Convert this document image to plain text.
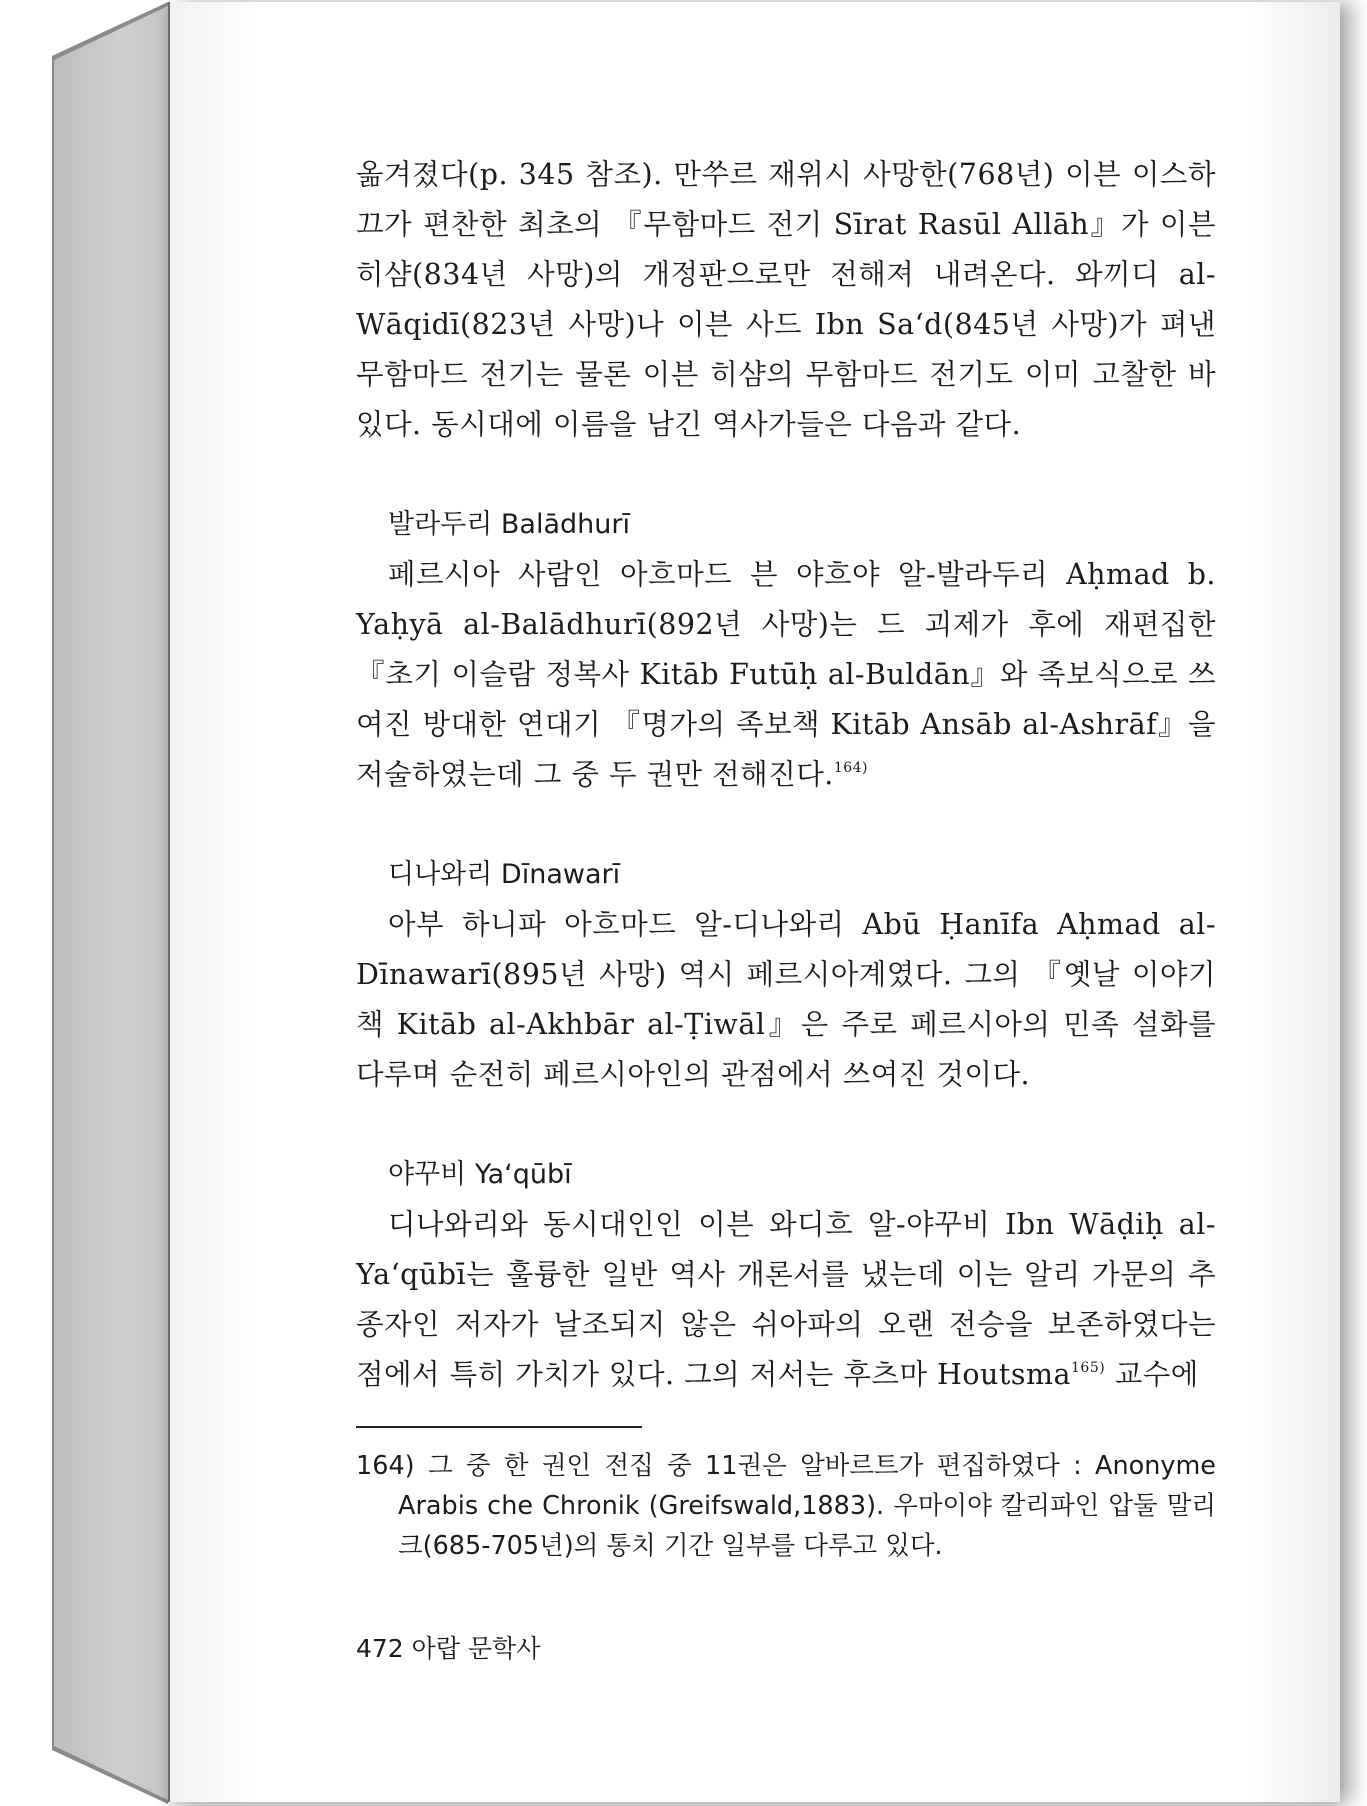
옮겨졌다(p. 345 참조). 만쑤르 재위시 사망한(768년) 이븐 이스하끄가 편찬한 최초의 『무함마드 전기 Sīrat Rasūl Allāh』가 이븐 히샴(834년 사망)의 개정판으로만 전해져 내려온다. 와끼디 al-Wāqidī(823년 사망)나 이븐 사드 Ibn Sa‘d(845년 사망)가 펴낸 무함마드 전기는 물론 이븐 히샴의 무함마드 전기도 이미 고찰한 바 있다. 동시대에 이름을 남긴 역사가들은 다음과 같다.

발라두리 Balādhurī

페르시아 사람인 아흐마드 븐 야흐야 알-발라두리 Aḥmad b. Yaḥyā al-Balādhurī(892년 사망)는 드 괴제가 후에 재편집한 『초기 이슬람 정복사 Kitāb Futūḥ al-Buldān』와 족보식으로 쓰여진 방대한 연대기 『명가의 족보책 Kitāb Ansāb al-Ashrāf』을 저술하였는데 그 중 두 권만 전해진다.$^{164)}$

디나와리 Dīnawarī

아부 하니파 아흐마드 알-디나와리 Abū Ḥanīfa Aḥmad al-Dīnawarī(895년 사망) 역시 페르시아계였다. 그의 『옛날 이야기 책 Kitāb al-Akhbār al-Ṭiwāl』은 주로 페르시아의 민족 설화를 다루며 순전히 페르시아인의 관점에서 쓰여진 것이다.

야꾸비 Ya‘qūbī

디나와리와 동시대인인 이븐 와디흐 알-야꾸비 Ibn Wāḍiḥ al-Ya‘qūbī는 훌륭한 일반 역사 개론서를 냈는데 이는 알리 가문의 추종자인 저자가 날조되지 않은 쉬아파의 오랜 전승을 보존하였다는 점에서 특히 가치가 있다. 그의 저서는 후츠마 Houtsma$^{165)}$ 교수에

164) 그 중 한 권인 전집 중 11권은 알바르트가 편집하였다 : Anonyme Arabis che Chronik (Greifswald,1883). 우마이야 칼리파인 압둘 말리크(685-705년)의 통치 기간 일부를 다루고 있다.

472 아랍 문학사
